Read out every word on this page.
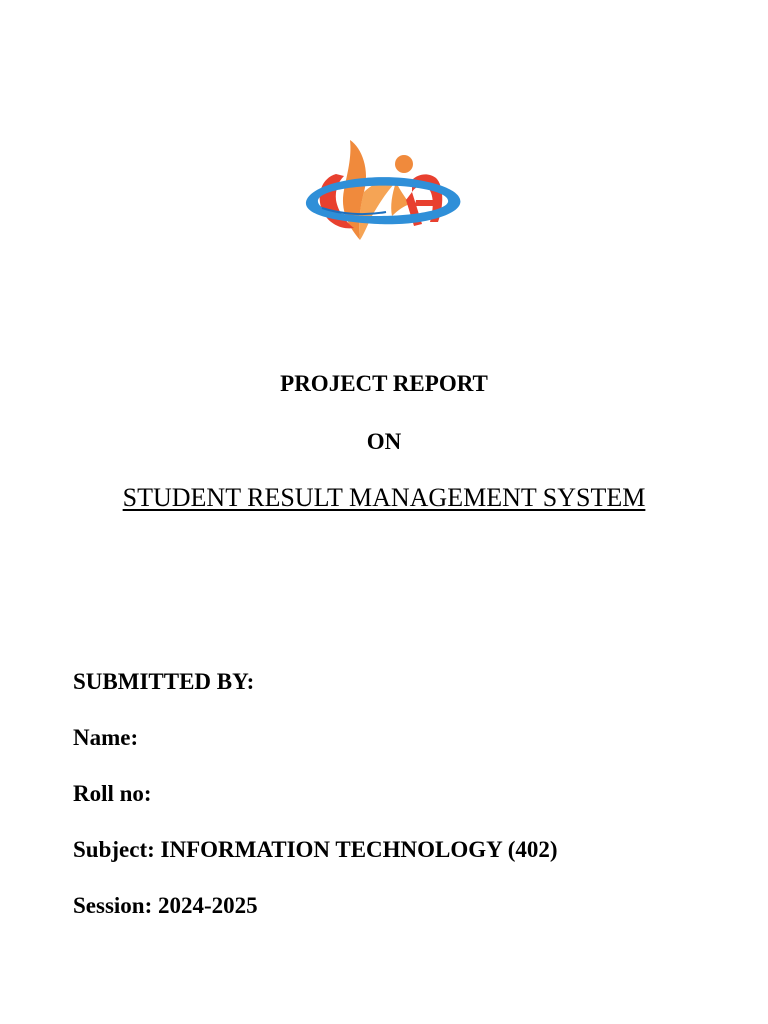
PROJECT REPORT
ON
STUDENT RESULT MANAGEMENT SYSTEM
SUBMITTED BY:
Name:
Roll no:
Subject: INFORMATION TECHNOLOGY (402)
Session: 2024-2025
